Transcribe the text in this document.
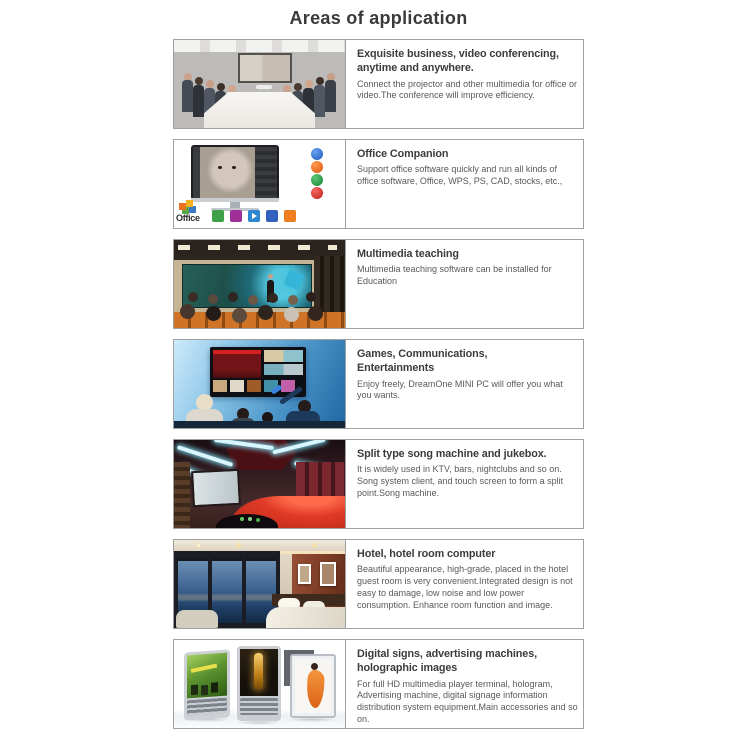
Areas of application
Exquisite business, video conferencing, anytime and anywhere.

Connect the projector and other multimedia for office or video.The conference will improve efficiency.

Office
Office Companion

Support office software quickly and run all kinds of office software, Office, WPS, PS, CAD, stocks, etc.,

Multimedia teaching

Multimedia teaching software can be installed for Education

Games, Communications, Entertainments

Enjoy freely, DreamOne MINI PC will offer you what you wants.

Split type song machine and jukebox.

It is widely used in KTV, bars, nightclubs and so on. Song system client, and touch screen to form a split point.Song machine.

Hotel, hotel room computer

Beautiful appearance, high-grade, placed in the hotel guest room is very convenient.Integrated design is not easy to damage, low noise and low power consumption. Enhance room function and image.

Digital signs, advertising machines, holographic images

For full HD multimedia player terminal, hologram, Advertising machine, digital signage information distribution system equipment.Main accessories and so on.
